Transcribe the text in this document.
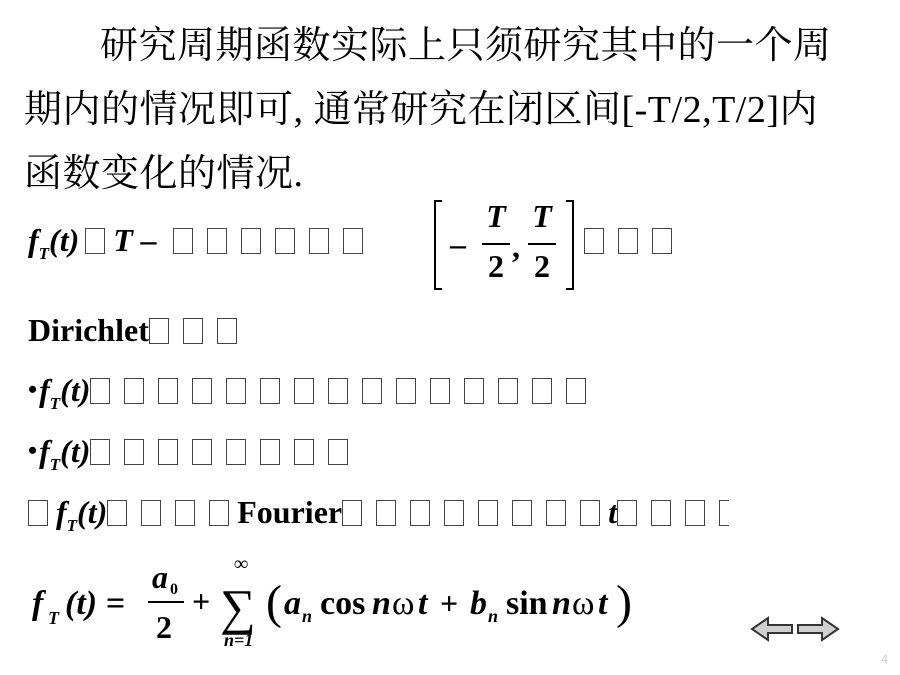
研究周期函数实际上只须研究其中的一个周
期内的情况即可, 通常研究在闭区间[-T/2,T/2]内
函数变化的情况.
$f_T(t)$ T –	–
T
2
,
T
2
Dirichlet
$•f_T(t)$
$•f_T(t)$
$f_T(t)$	Fourier	t
f T (t) =
a 0
2
+
∞
∑
n=1
( a n cos n ω t + b n sin n ω t )
4
